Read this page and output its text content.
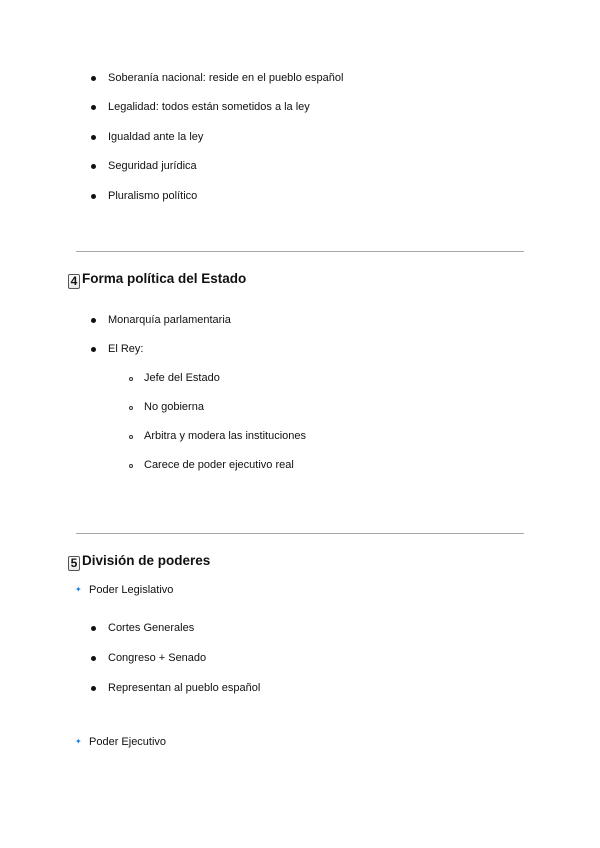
Soberanía nacional: reside en el pueblo español
Legalidad: todos están sometidos a la ley
Igualdad ante la ley
Seguridad jurídica
Pluralismo político
4 Forma política del Estado
Monarquía parlamentaria
El Rey:
Jefe del Estado
No gobierna
Arbitra y modera las instituciones
Carece de poder ejecutivo real
5 División de poderes
✦ Poder Legislativo
Cortes Generales
Congreso + Senado
Representan al pueblo español
✦ Poder Ejecutivo
